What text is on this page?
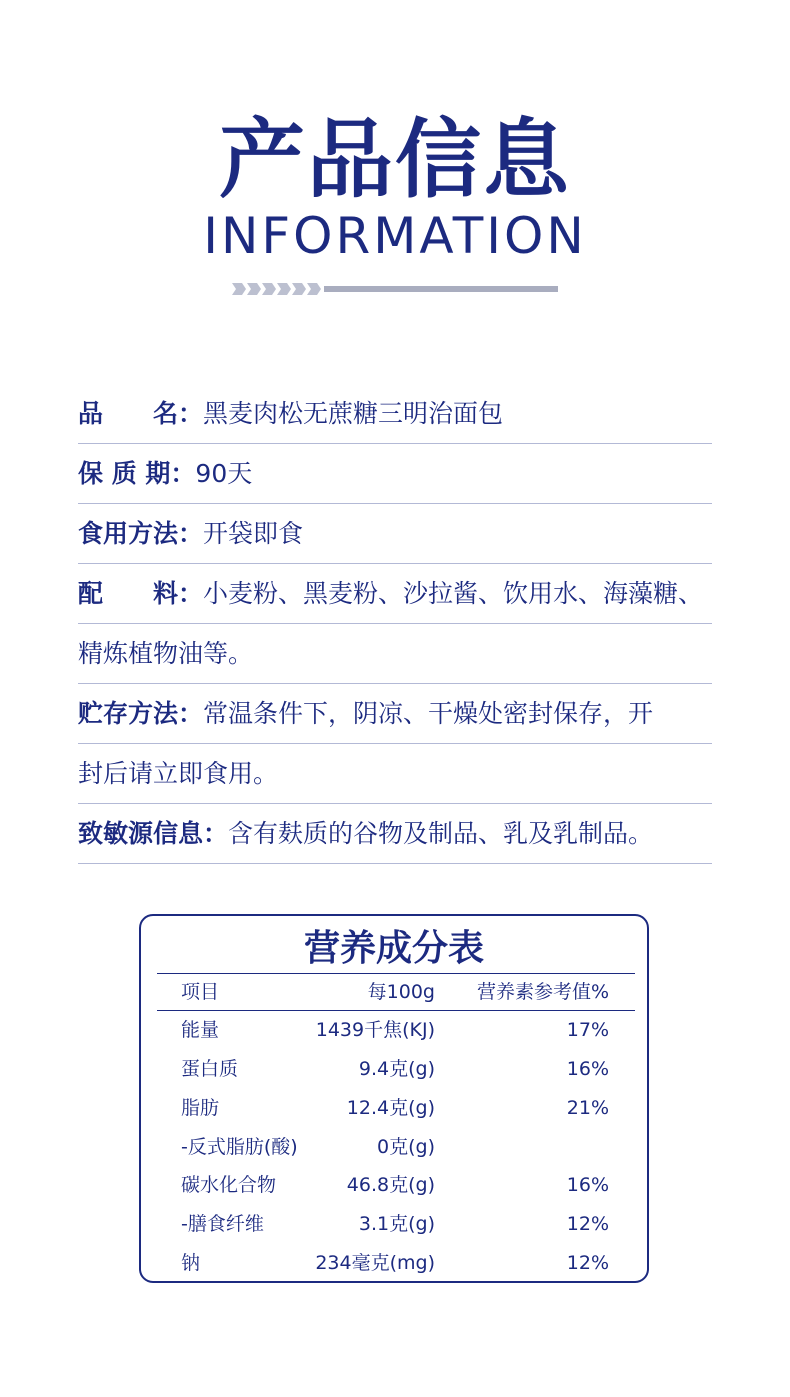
产品信息
INFORMATION
品　　名：黑麦肉松无蔗糖三明治面包
保 质 期：90天
食用方法：开袋即食
配　　料：小麦粉、黑麦粉、沙拉酱、饮用水、海藻糖、
精炼植物油等。
贮存方法：常温条件下，阴凉、干燥处密封保存，开
封后请立即食用。
致敏源信息：含有麸质的谷物及制品、乳及乳制品。
营养成分表
项目	每100g 营养素参考值%
能量	1439千焦(KJ)	17%
蛋白质	9.4克(g)	16%
脂肪	12.4克(g)	21%
-反式脂肪(酸)	0克(g)
碳水化合物	46.8克(g)	16%
-膳食纤维	3.1克(g)	12%
钠	234毫克(mg)	12%
